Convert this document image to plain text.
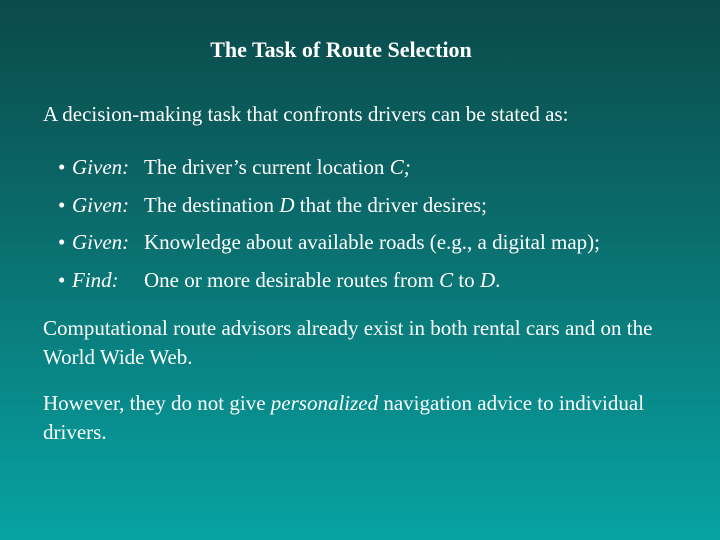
The Task of Route Selection

A decision-making task that confronts drivers can be stated as:

• Given: The driver’s current location C;
• Given: The destination D that the driver desires;
• Given: Knowledge about available roads (e.g., a digital map);
• Find:	One or more desirable routes from C to D.

Computational route advisors already exist in both rental cars and on the World Wide Web.

However, they do not give personalized navigation advice to individual drivers.
